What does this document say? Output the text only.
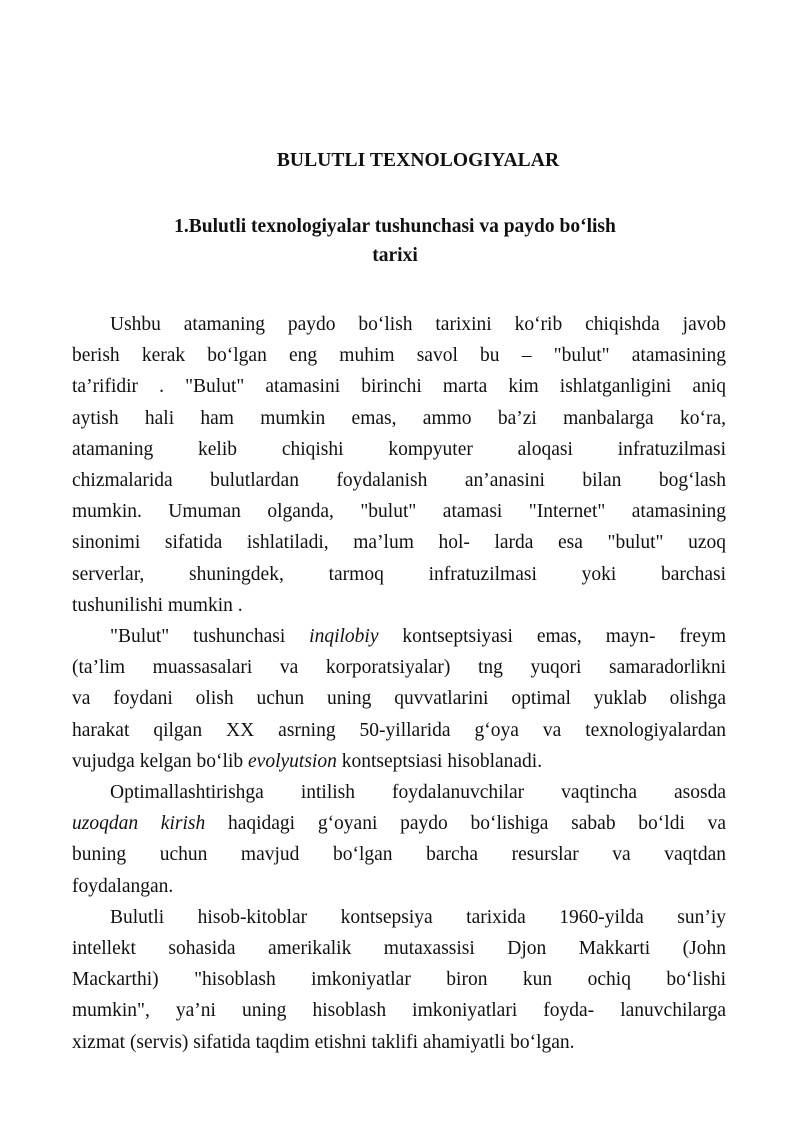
BULUTLI TEXNOLOGIYALAR
1.Bulutli texnologiyalar tushunchasi va paydo bo‘lish
tarixi

Ushbu atamaning paydo bo‘lish tarixini ko‘rib chiqishda javob
berish kerak bo‘lgan eng muhim savol bu – "bulut" atamasining
ta’rifidir . "Bulut" atamasini birinchi marta kim ishlatganligini aniq
aytish hali ham mumkin emas, ammo ba’zi manbalarga ko‘ra,
atamaning kelib chiqishi kompyuter aloqasi infratuzilmasi
chizmalarida bulutlardan foydalanish an’anasini bilan bog‘lash
mumkin. Umuman olganda, "bulut" atamasi "Internet" atamasining
sinonimi sifatida ishlatiladi, ma’lum hol- larda esa "bulut" uzoq
serverlar, shuningdek, tarmoq infratuzilmasi yoki barchasi
tushunilishi mumkin .

"Bulut" tushunchasi inqilobiy kontseptsiyasi emas, mayn- freym
(ta’lim muassasalari va korporatsiyalar) tng yuqori samaradorlikni
va foydani olish uchun uning quvvatlarini optimal yuklab olishga
harakat qilgan XX asrning 50-yillarida g‘oya va texnologiyalardan
vujudga kelgan bo‘lib evolyutsion kontseptsiasi hisoblanadi.

Optimallashtirishga intilish foydalanuvchilar vaqtincha asosda
uzoqdan kirish haqidagi g‘oyani paydo bo‘lishiga sabab bo‘ldi va
buning uchun mavjud bo‘lgan barcha resurslar va vaqtdan
foydalangan.

Bulutli hisob-kitoblar kontsepsiya tarixida 1960-yilda sun’iy
intellekt sohasida amerikalik mutaxassisi Djon Makkarti (John
Mackarthi) "hisoblash imkoniyatlar biron kun ochiq bo‘lishi
mumkin", ya’ni uning hisoblash imkoniyatlari foyda- lanuvchilarga
xizmat (servis) sifatida taqdim etishni taklifi ahamiyatli bo‘lgan.
